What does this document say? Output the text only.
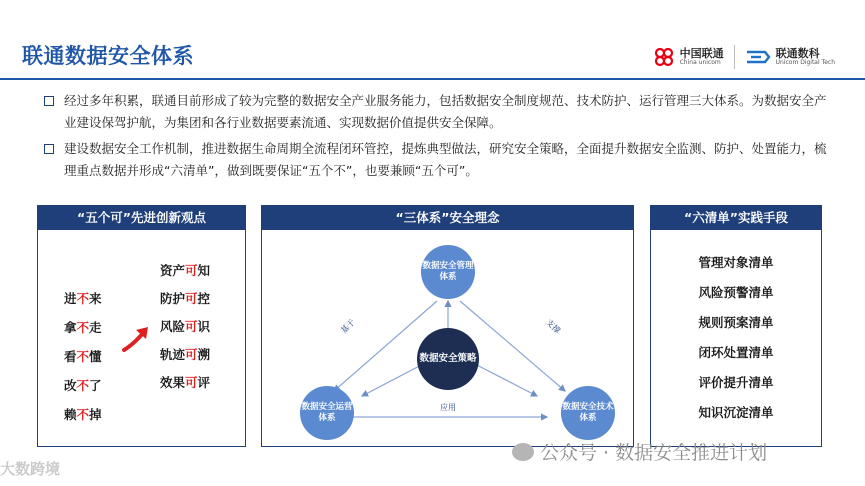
联通数据安全体系	中国联通
China unicom
联通数科
Unicom Digital Tech
经过多年积累，联通目前形成了较为完整的数据安全产业服务能力，包括数据安全制度规范、技术防护、运行管理三大体系。为数据安全产业建设保驾护航，为集团和各行业数据要素流通、实现数据价值提供安全保障。
建设数据安全工作机制，推进数据生命周期全流程闭环管控，提炼典型做法，研究安全策略，全面提升数据安全监测、防护、处置能力，梳理重点数据并形成“六清单”，做到既要保证“五个不”，也要兼顾“五个可”。
“五个可”先进创新观点
进不来
拿不走
看不懂
改不了
赖不掉
资产可知
防护可控
风险可识
轨迹可溯
效果可评
“三体系”安全理念
数据安全管理体系
数据安全策略
数据安全运营体系
数据安全技术体系
基于	支撑
应用
“六清单”实践手段
管理对象清单
风险预警清单
规则预案清单
闭环处置清单
评价提升清单
知识沉淀清单
公众号 · 数据安全推进计划
大数跨境
